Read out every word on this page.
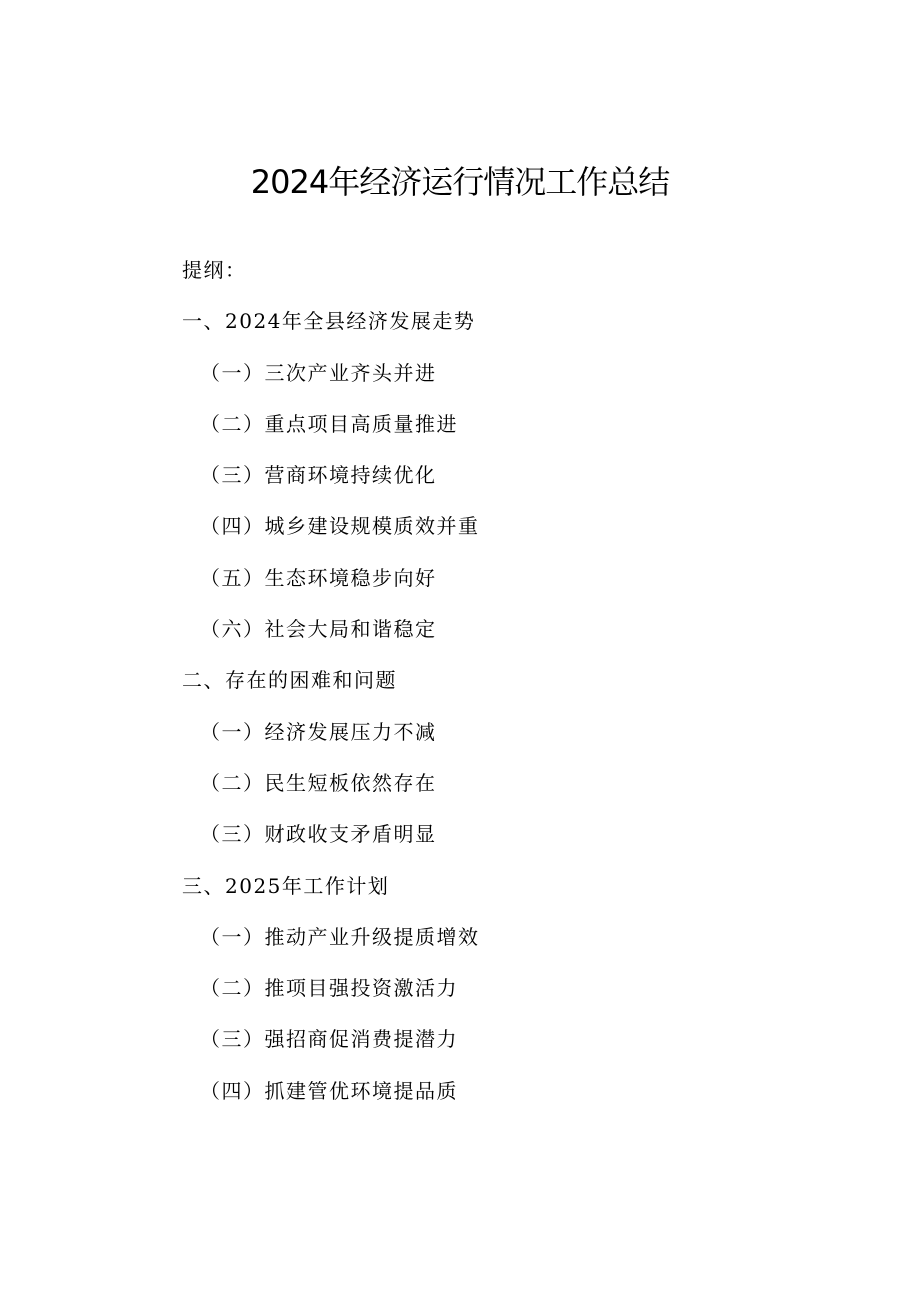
2024年经济运行情况工作总结
提纲：
一、2024年全县经济发展走势
（一）三次产业齐头并进
（二）重点项目高质量推进
（三）营商环境持续优化
（四）城乡建设规模质效并重
（五）生态环境稳步向好
（六）社会大局和谐稳定
二、存在的困难和问题
（一）经济发展压力不减
（二）民生短板依然存在
（三）财政收支矛盾明显
三、2025年工作计划
（一）推动产业升级提质增效
（二）推项目强投资激活力
（三）强招商促消费提潜力
（四）抓建管优环境提品质
